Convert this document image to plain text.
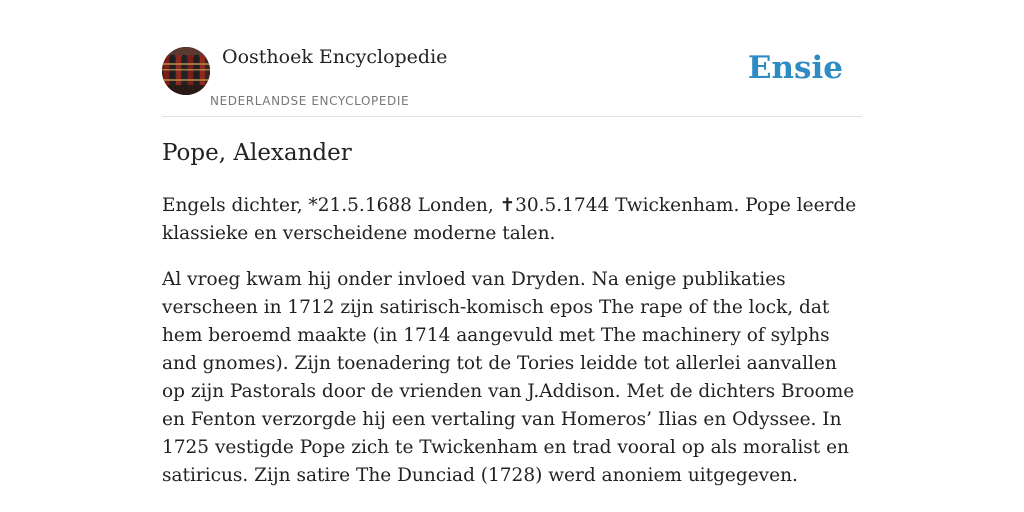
Oosthoek Encyclopedie
NEDERLANDSE ENCYCLOPEDIE
Ensie
Pope, Alexander

Engels dichter, *21.5.1688 Londen, ✝30.5.1744 Twickenham. Pope leerde klassieke en verscheidene moderne talen.

Al vroeg kwam hij onder invloed van Dryden. Na enige publikaties verscheen in 1712 zijn satirisch-komisch epos The rape of the lock, dat hem beroemd maakte (in 1714 aangevuld met The machinery of sylphs and gnomes). Zijn toenadering tot de Tories leidde tot allerlei aanvallen op zijn Pastorals door de vrienden van J.Addison. Met de dichters Broome en Fenton verzorgde hij een vertaling van Homeros’ Ilias en Odyssee. In 1725 vestigde Pope zich te Twickenham en trad vooral op als moralist en satiricus. Zijn satire The Dunciad (1728) werd anoniem uitgegeven.
